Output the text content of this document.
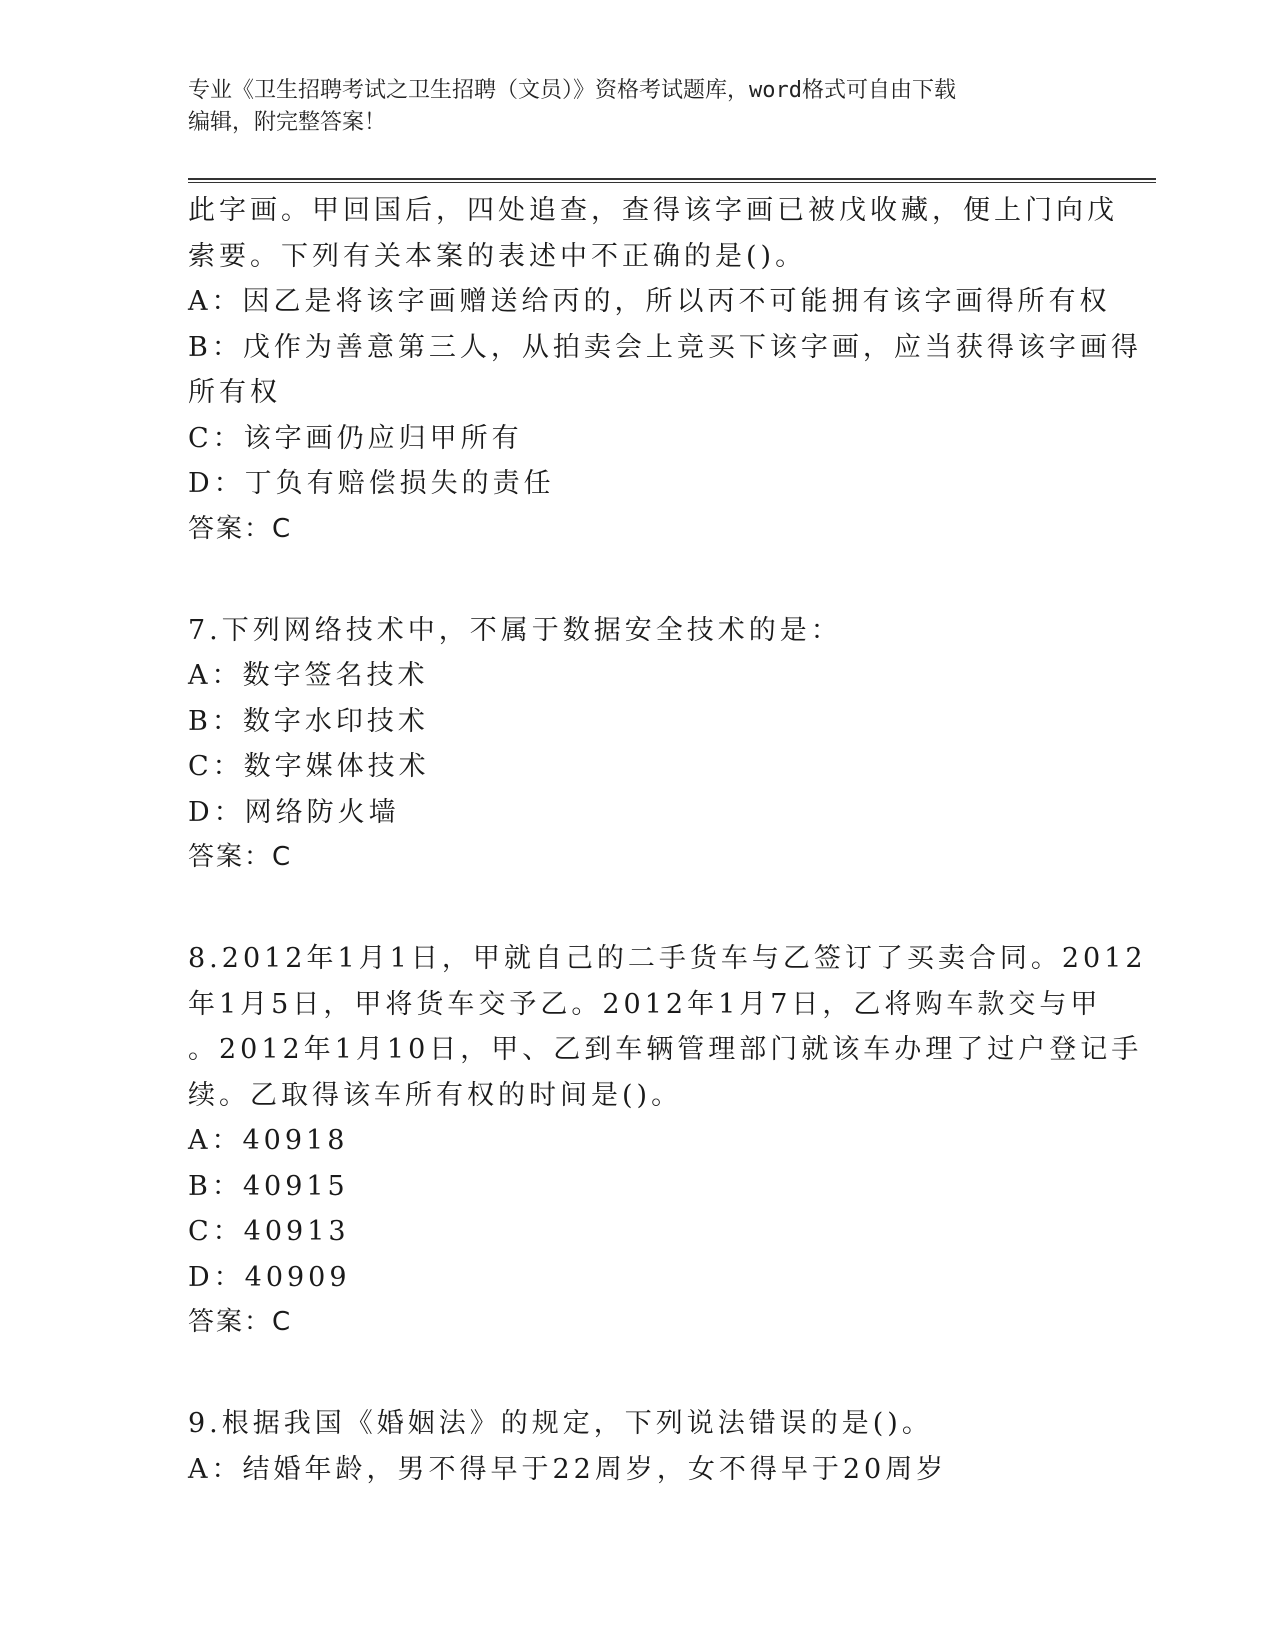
专业《卫生招聘考试之卫生招聘（文员）》资格考试题库，word格式可自由下载
编辑，附完整答案！
此字画。甲回国后，四处追查，查得该字画已被戊收藏，便上门向戊
索要。下列有关本案的表述中不正确的是()。
A：因乙是将该字画赠送给丙的，所以丙不可能拥有该字画得所有权
B：戊作为善意第三人，从拍卖会上竞买下该字画，应当获得该字画得
所有权
C：该字画仍应归甲所有
D：丁负有赔偿损失的责任
答案：C
7.下列网络技术中，不属于数据安全技术的是：
A：数字签名技术
B：数字水印技术
C：数字媒体技术
D：网络防火墙
答案：C
8.2012年1月1日，甲就自己的二手货车与乙签订了买卖合同。2012
年1月5日，甲将货车交予乙。2012年1月7日，乙将购车款交与甲
。2012年1月10日，甲、乙到车辆管理部门就该车办理了过户登记手
续。乙取得该车所有权的时间是()。
A：40918
B：40915
C：40913
D：40909
答案：C
9.根据我国《婚姻法》的规定，下列说法错误的是()。
A：结婚年龄，男不得早于22周岁，女不得早于20周岁
